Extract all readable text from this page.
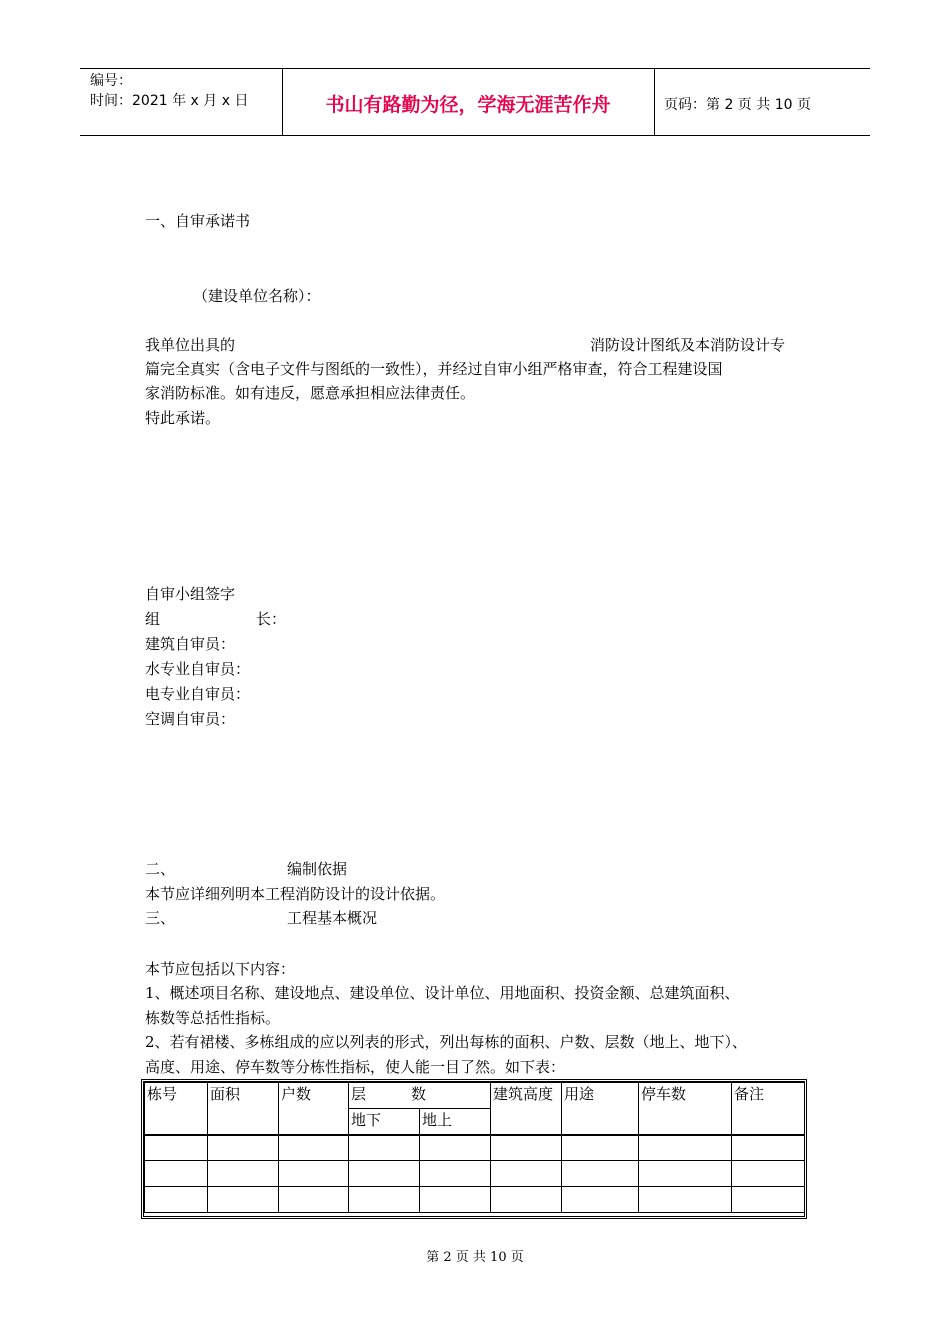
编号：
时间：2021 年 x 月 x 日	书山有路勤为径，学海无涯苦作舟	页码：第 2 页 共 10 页
一、自审承诺书
（建设单位名称）：
我单位出具的	消防设计图纸及本消防设计专
篇完全真实（含电子文件与图纸的一致性），并经过自审小组严格审查，符合工程建设国
家消防标准。如有违反，愿意承担相应法律责任。
特此承诺。
自审小组签字
组	长：
建筑自审员：
水专业自审员：
电专业自审员：
空调自审员：
二、	编制依据
本节应详细列明本工程消防设计的设计依据。
三、	工程基本概况
本节应包括以下内容：
1、概述项目名称、建设地点、建设单位、设计单位、用地面积、投资金额、总建筑面积、
栋数等总括性指标。
2、若有裙楼、多栋组成的应以列表的形式，列出每栋的面积、户数、层数（地上、地下）、
高度、用途、停车数等分栋性指标，使人能一目了然。如下表：
栋号	面积	户数	层 数		建筑高度	用途	停车数	备注
			地下	地上				

第 2 页 共 10 页
